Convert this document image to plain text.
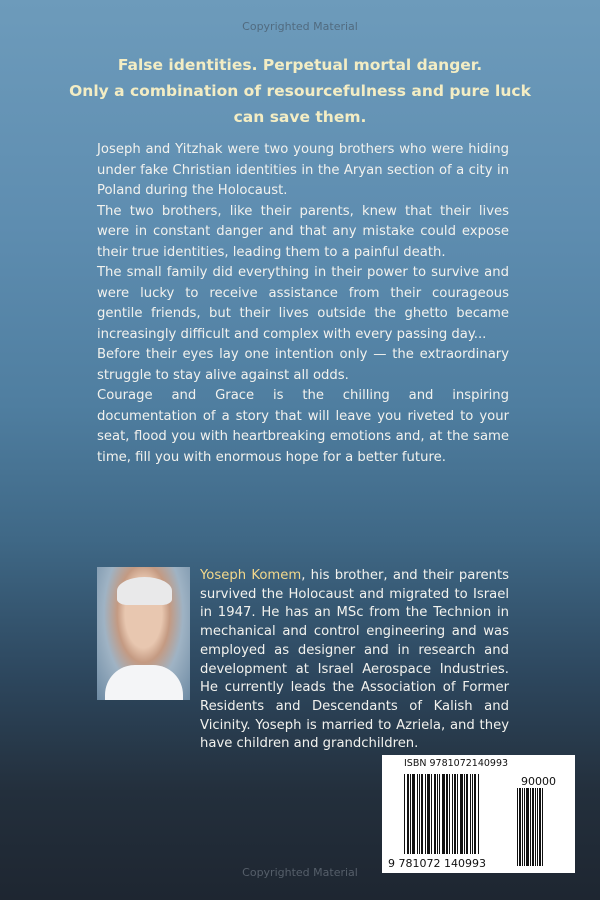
Copyrighted Material
False identities. Perpetual mortal danger.
Only a combination of resourcefulness and pure luck
can save them.

Joseph and Yitzhak were two young brothers who were hiding under fake Christian identities in the Aryan section of a city in Poland during the Holocaust.

The two brothers, like their parents, knew that their lives were in constant danger and that any mistake could expose their true identities, leading them to a painful death.

The small family did everything in their power to survive and were lucky to receive assistance from their courageous gentile friends, but their lives outside the ghetto became increasingly difficult and complex with every passing day...

Before their eyes lay one intention only — the extraordinary struggle to stay alive against all odds.

Courage and Grace is the chilling and inspiring documentation of a story that will leave you riveted to your seat, flood you with heartbreaking emotions and, at the same time, fill you with enormous hope for a better future.

Yoseph Komem, his brother, and their parents survived the Holocaust and migrated to Israel in 1947. He has an MSc from the Technion in mechanical and control engineering and was employed as designer and in research and development at Israel Aerospace Industries. He currently leads the Association of Former Residents and Descendants of Kalish and Vicinity. Yoseph is married to Azriela, and they have children and grandchildren.
ISBN 9781072140993
90000
9 781072 140993
Copyrighted Material
